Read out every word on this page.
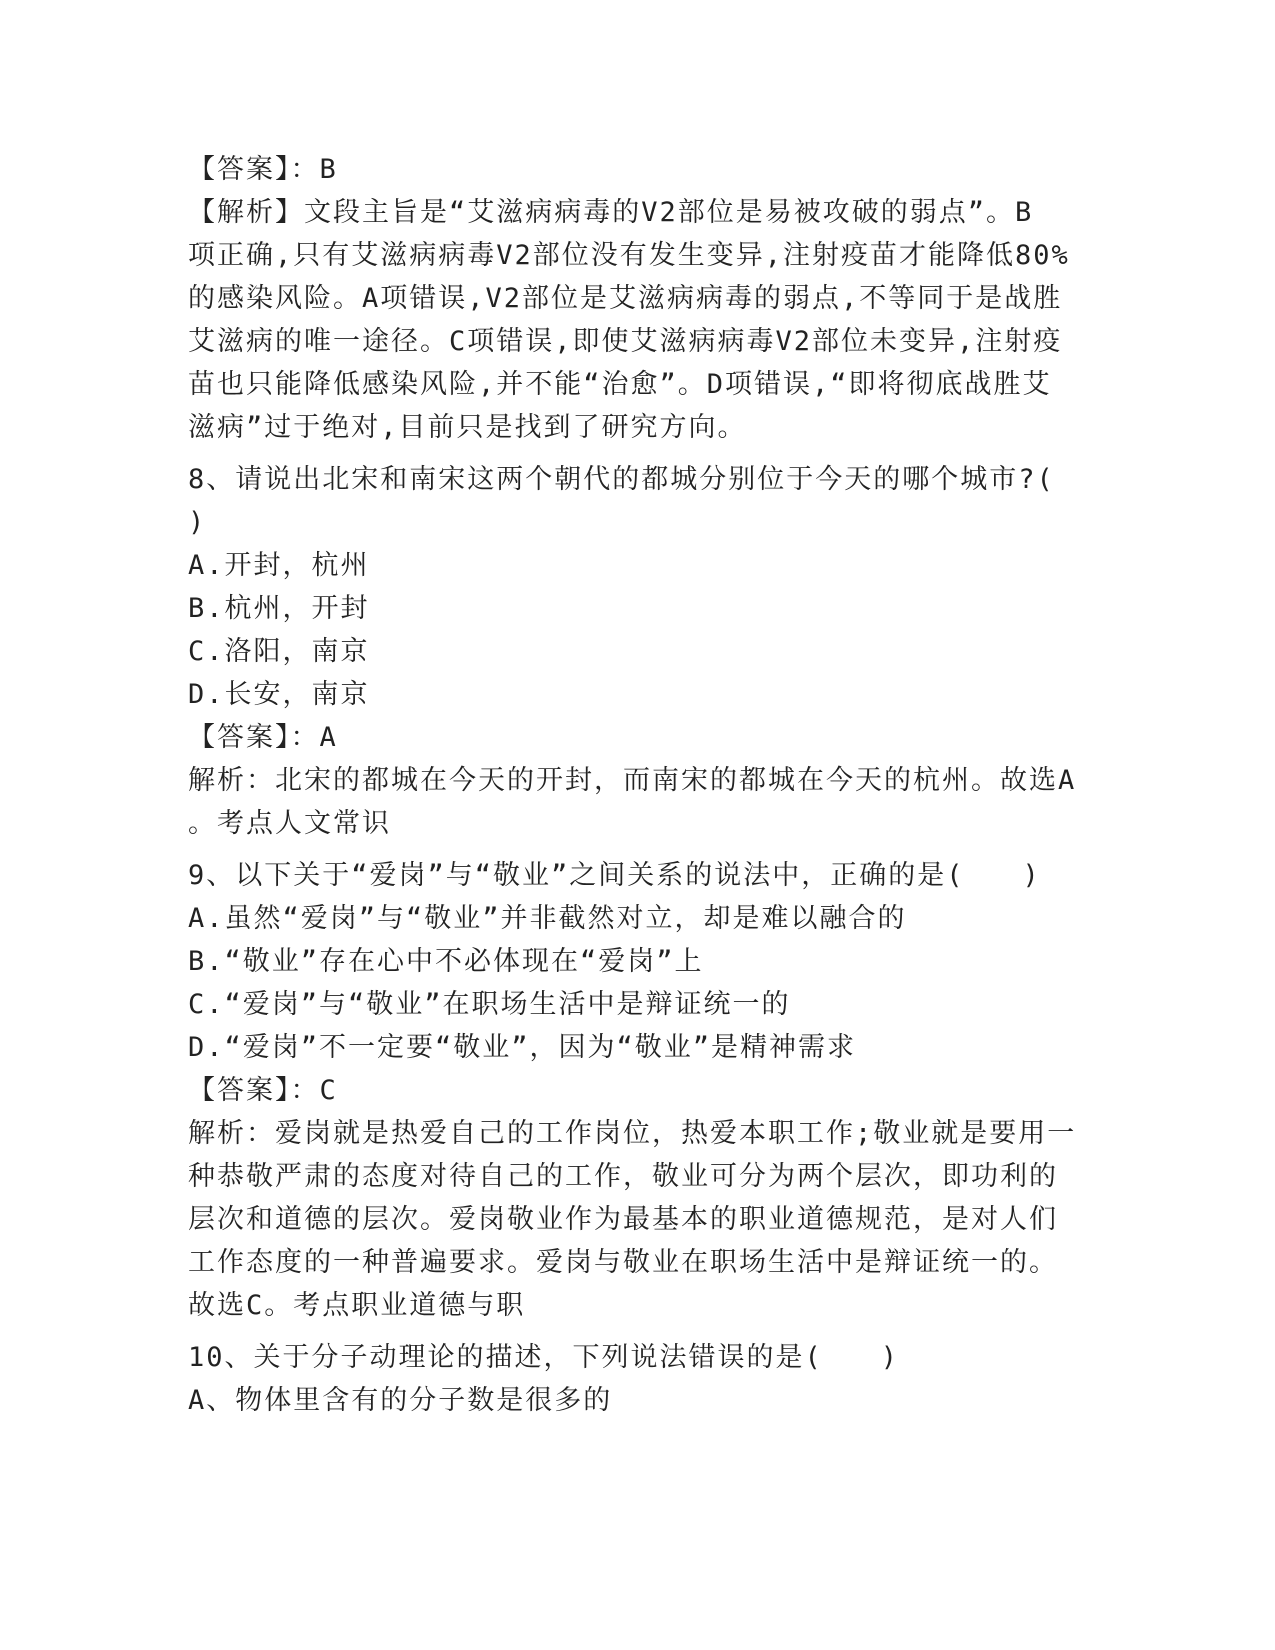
【答案】：B
【解析】文段主旨是“艾滋病病毒的V2部位是易被攻破的弱点”。B
项正确,只有艾滋病病毒V2部位没有发生变异,注射疫苗才能降低80%
的感染风险。A项错误,V2部位是艾滋病病毒的弱点,不等同于是战胜
艾滋病的唯一途径。C项错误,即使艾滋病病毒V2部位未变异,注射疫
苗也只能降低感染风险,并不能“治愈”。D项错误,“即将彻底战胜艾
滋病”过于绝对,目前只是找到了研究方向。
8、请说出北宋和南宋这两个朝代的都城分别位于今天的哪个城市?(
)
A.开封，杭州
B.杭州，开封
C.洛阳，南京
D.长安，南京
【答案】：A
解析：北宋的都城在今天的开封，而南宋的都城在今天的杭州。故选A
。考点人文常识
9、以下关于“爱岗”与“敬业”之间关系的说法中，正确的是(　　)
A.虽然“爱岗”与“敬业”并非截然对立，却是难以融合的
B.“敬业”存在心中不必体现在“爱岗”上
C.“爱岗”与“敬业”在职场生活中是辩证统一的
D.“爱岗”不一定要“敬业”，因为“敬业”是精神需求
【答案】：C
解析：爱岗就是热爱自己的工作岗位，热爱本职工作;敬业就是要用一
种恭敬严肃的态度对待自己的工作，敬业可分为两个层次，即功利的
层次和道德的层次。爱岗敬业作为最基本的职业道德规范，是对人们
工作态度的一种普遍要求。爱岗与敬业在职场生活中是辩证统一的。
故选C。考点职业道德与职
10、关于分子动理论的描述，下列说法错误的是(　　)
A、物体里含有的分子数是很多的
